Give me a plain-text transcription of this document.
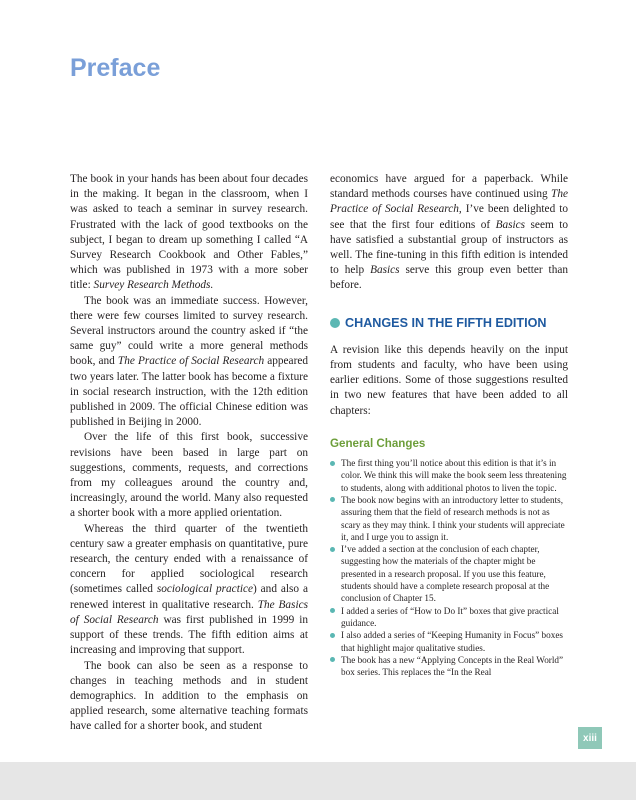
Preface

The book in your hands has been about four decades in the making. It began in the classroom, when I was asked to teach a seminar in survey research. Frustrated with the lack of good textbooks on the subject, I began to dream up something I called “A Survey Research Cookbook and Other Fables,” which was published in 1973 with a more sober title: Survey Research Methods.

The book was an immediate success. However, there were few courses limited to survey research. Several instructors around the country asked if “the same guy” could write a more general methods book, and The Practice of Social Research appeared two years later. The latter book has become a fixture in social research instruction, with the 12th edition published in 2009. The official Chinese edition was published in Beijing in 2000.

Over the life of this first book, successive revisions have been based in large part on suggestions, comments, requests, and corrections from my colleagues around the country and, increasingly, around the world. Many also requested a shorter book with a more applied orientation.

Whereas the third quarter of the twentieth century saw a greater emphasis on quantitative, pure research, the century ended with a renaissance of concern for applied sociological research (sometimes called sociological practice) and also a renewed interest in qualitative research. The Basics of Social Research was first published in 1999 in support of these trends. The fifth edition aims at increasing and improving that support.

The book can also be seen as a response to changes in teaching methods and in student demographics. In addition to the emphasis on applied research, some alternative teaching formats have called for a shorter book, and student

economics have argued for a paperback. While standard methods courses have continued using The Practice of Social Research, I’ve been delighted to see that the first four editions of Basics seem to have satisfied a substantial group of instructors as well. The fine-tuning in this fifth edition is intended to help Basics serve this group even better than before.

CHANGES IN THE FIFTH EDITION

A revision like this depends heavily on the input from students and faculty, who have been using earlier editions. Some of those suggestions resulted in two new features that have been added to all chapters:

General Changes
The first thing you’ll notice about this edition is that it’s in color. We think this will make the book seem less threatening to students, along with additional photos to liven the topic.
The book now begins with an introductory letter to students, assuring them that the field of research methods is not as scary as they may think. I think your students will appreciate it, and I urge you to assign it.
I’ve added a section at the conclusion of each chapter, suggesting how the materials of the chapter might be presented in a research proposal. If you use this feature, students should have a complete research proposal at the conclusion of Chapter 15.
I added a series of “How to Do It” boxes that give practical guidance.
I also added a series of “Keeping Humanity in Focus” boxes that highlight major qualitative studies.
The book has a new “Applying Concepts in the Real World” box series. This replaces the “In the Real
xiii
